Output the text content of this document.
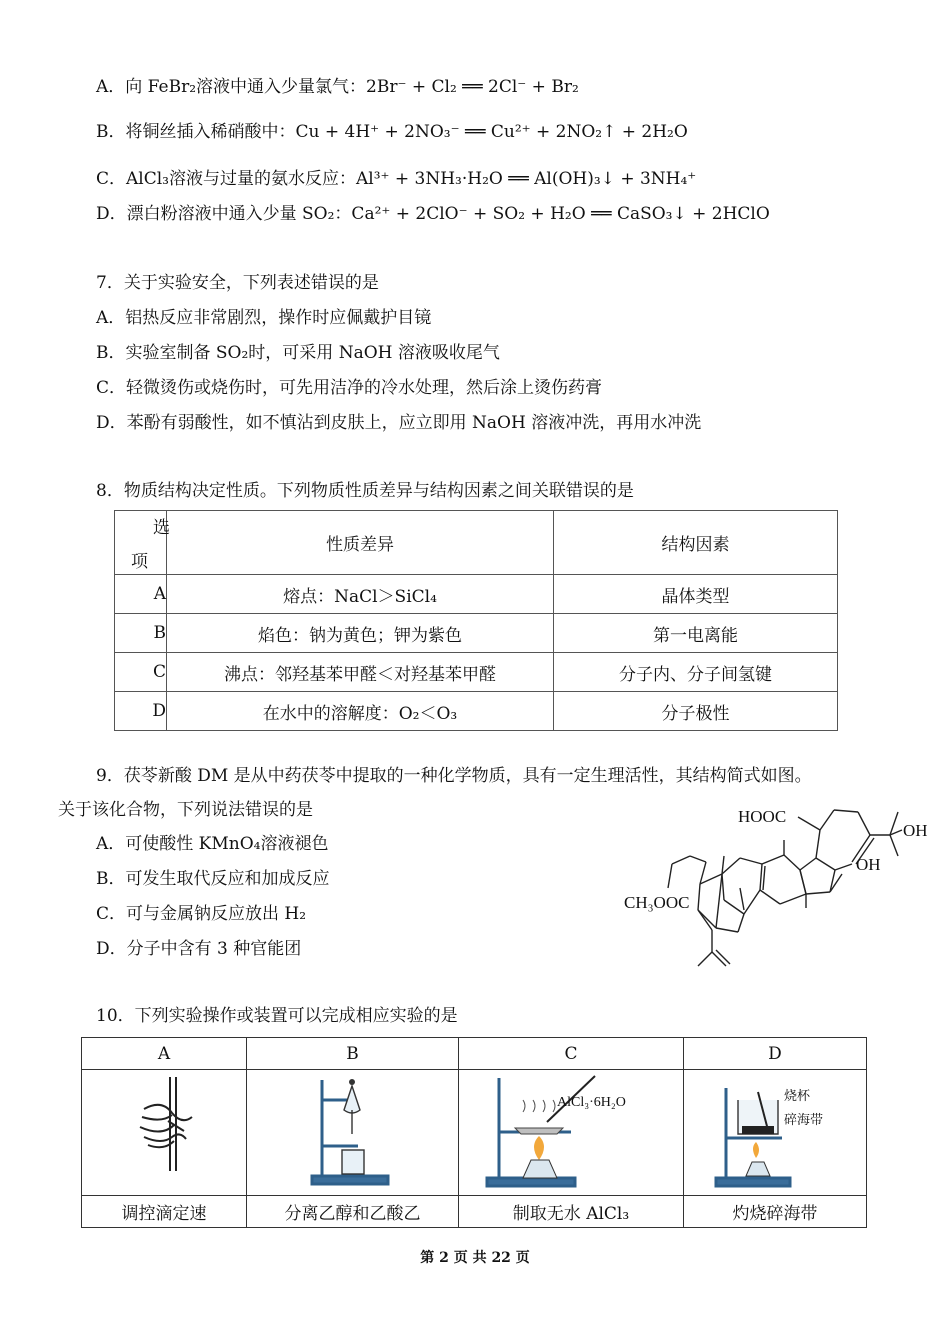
A．向 FeBr₂溶液中通入少量氯气：2Br⁻ + Cl₂ ══ 2Cl⁻ + Br₂
B．将铜丝插入稀硝酸中：Cu + 4H⁺ + 2NO₃⁻ ══ Cu²⁺ + 2NO₂↑ + 2H₂O
C．AlCl₃溶液与过量的氨水反应：Al³⁺ + 3NH₃·H₂O ══ Al(OH)₃↓ + 3NH₄⁺
D．漂白粉溶液中通入少量 SO₂：Ca²⁺ + 2ClO⁻ + SO₂ + H₂O ══ CaSO₃↓ + 2HClO
7．关于实验安全，下列表述错误的是
A．铝热反应非常剧烈，操作时应佩戴护目镜
B．实验室制备 SO₂时，可采用 NaOH 溶液吸收尾气
C．轻微烫伤或烧伤时，可先用洁净的冷水处理，然后涂上烫伤药膏
D．苯酚有弱酸性，如不慎沾到皮肤上，应立即用 NaOH 溶液冲洗，再用水冲洗
8．物质结构决定性质。下列物质性质差异与结构因素之间关联错误的是
选
项	性质差异	结构因素
A	熔点：NaCl＞SiCl₄	晶体类型
B	焰色：钠为黄色；钾为紫色	第一电离能
C	沸点：邻羟基苯甲醛＜对羟基苯甲醛	分子内、分子间氢键
D	在水中的溶解度：O₂＜O₃	分子极性
9．茯苓新酸 DM 是从中药茯苓中提取的一种化学物质，具有一定生理活性，其结构简式如图。
关于该化合物，下列说法错误的是
A．可使酸性 KMnO₄溶液褪色
B．可发生取代反应和加成反应
C．可与金属钠反应放出 H₂
D．分子中含有 3 种官能团
HOOC
OH
OH
CH₃OOC
10．下列实验操作或装置可以完成相应实验的是
A	B	C	D

AlCl₃·6H₂O	烧杯
碎海带

调控滴定速	分离乙醇和乙酸乙	制取无水 AlCl₃	灼烧碎海带
第 2 页 共 22 页
